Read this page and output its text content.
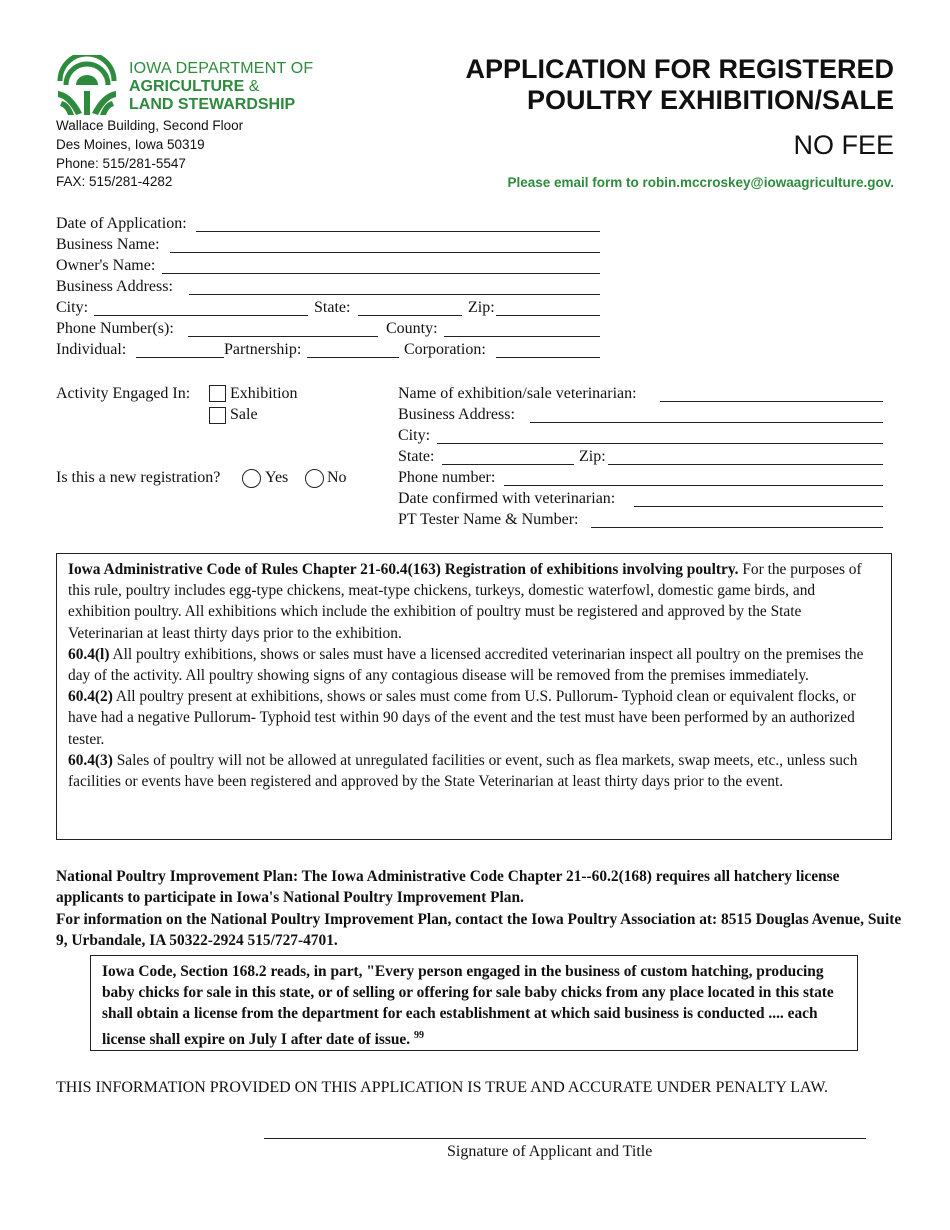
IOWA DEPARTMENT OF
AGRICULTURE &
LAND STEWARDSHIP
Wallace Building, Second Floor
Des Moines, Iowa 50319
Phone: 515/281-5547
FAX: 515/281-4282
APPLICATION FOR REGISTERED
POULTRY EXHIBITION/SALE
NO FEE
Please email form to robin.mccroskey@iowaagriculture.gov.
Date of Application:
Business Name:
Owner's Name:
Business Address:
City:	State:	Zip:
Phone Number(s):	County:
Individual:	Partnership:	Corporation:
Activity Engaged In: Exhibition
Sale
Is this a new registration?	Yes No
Name of exhibition/sale veterinarian:
Business Address:
City:
State:	Zip:
Phone number:
Date confirmed with veterinarian:
PT Tester Name & Number:

Iowa Administrative Code of Rules Chapter 21-60.4(163) Registration of exhibitions involving poultry. For the purposes of this rule, poultry includes egg-type chickens, meat-type chickens, turkeys, domestic waterfowl, domestic game birds, and exhibition poultry. All exhibitions which include the exhibition of poultry must be registered and approved by the State Veterinarian at least thirty days prior to the exhibition.

60.4(l) All poultry exhibitions, shows or sales must have a licensed accredited veterinarian inspect all poultry on the premises the day of the activity. All poultry showing signs of any contagious disease will be removed from the premises immediately.

60.4(2) All poultry present at exhibitions, shows or sales must come from U.S. Pullorum- Typhoid clean or equivalent flocks, or have had a negative Pullorum- Typhoid test within 90 days of the event and the test must have been performed by an authorized tester.

60.4(3) Sales of poultry will not be allowed at unregulated facilities or event, such as flea markets, swap meets, etc., unless such facilities or events have been registered and approved by the State Veterinarian at least thirty days prior to the event.

National Poultry Improvement Plan: The Iowa Administrative Code Chapter 21--60.2(168) requires all hatchery license applicants to participate in Iowa's National Poultry Improvement Plan.

For information on the National Poultry Improvement Plan, contact the Iowa Poultry Association at: 8515 Douglas Avenue, Suite 9, Urbandale, IA 50322-2924 515/727-4701.

Iowa Code, Section 168.2 reads, in part, "Every person engaged in the business of custom hatching, producing baby chicks for sale in this state, or of selling or offering for sale baby chicks from any place located in this state shall obtain a license from the department for each establishment at which said business is conducted .... each license shall expire on July I after date of issue. $^{99}$
THIS INFORMATION PROVIDED ON THIS APPLICATION IS TRUE AND ACCURATE UNDER PENALTY LAW.
Signature of Applicant and Title
